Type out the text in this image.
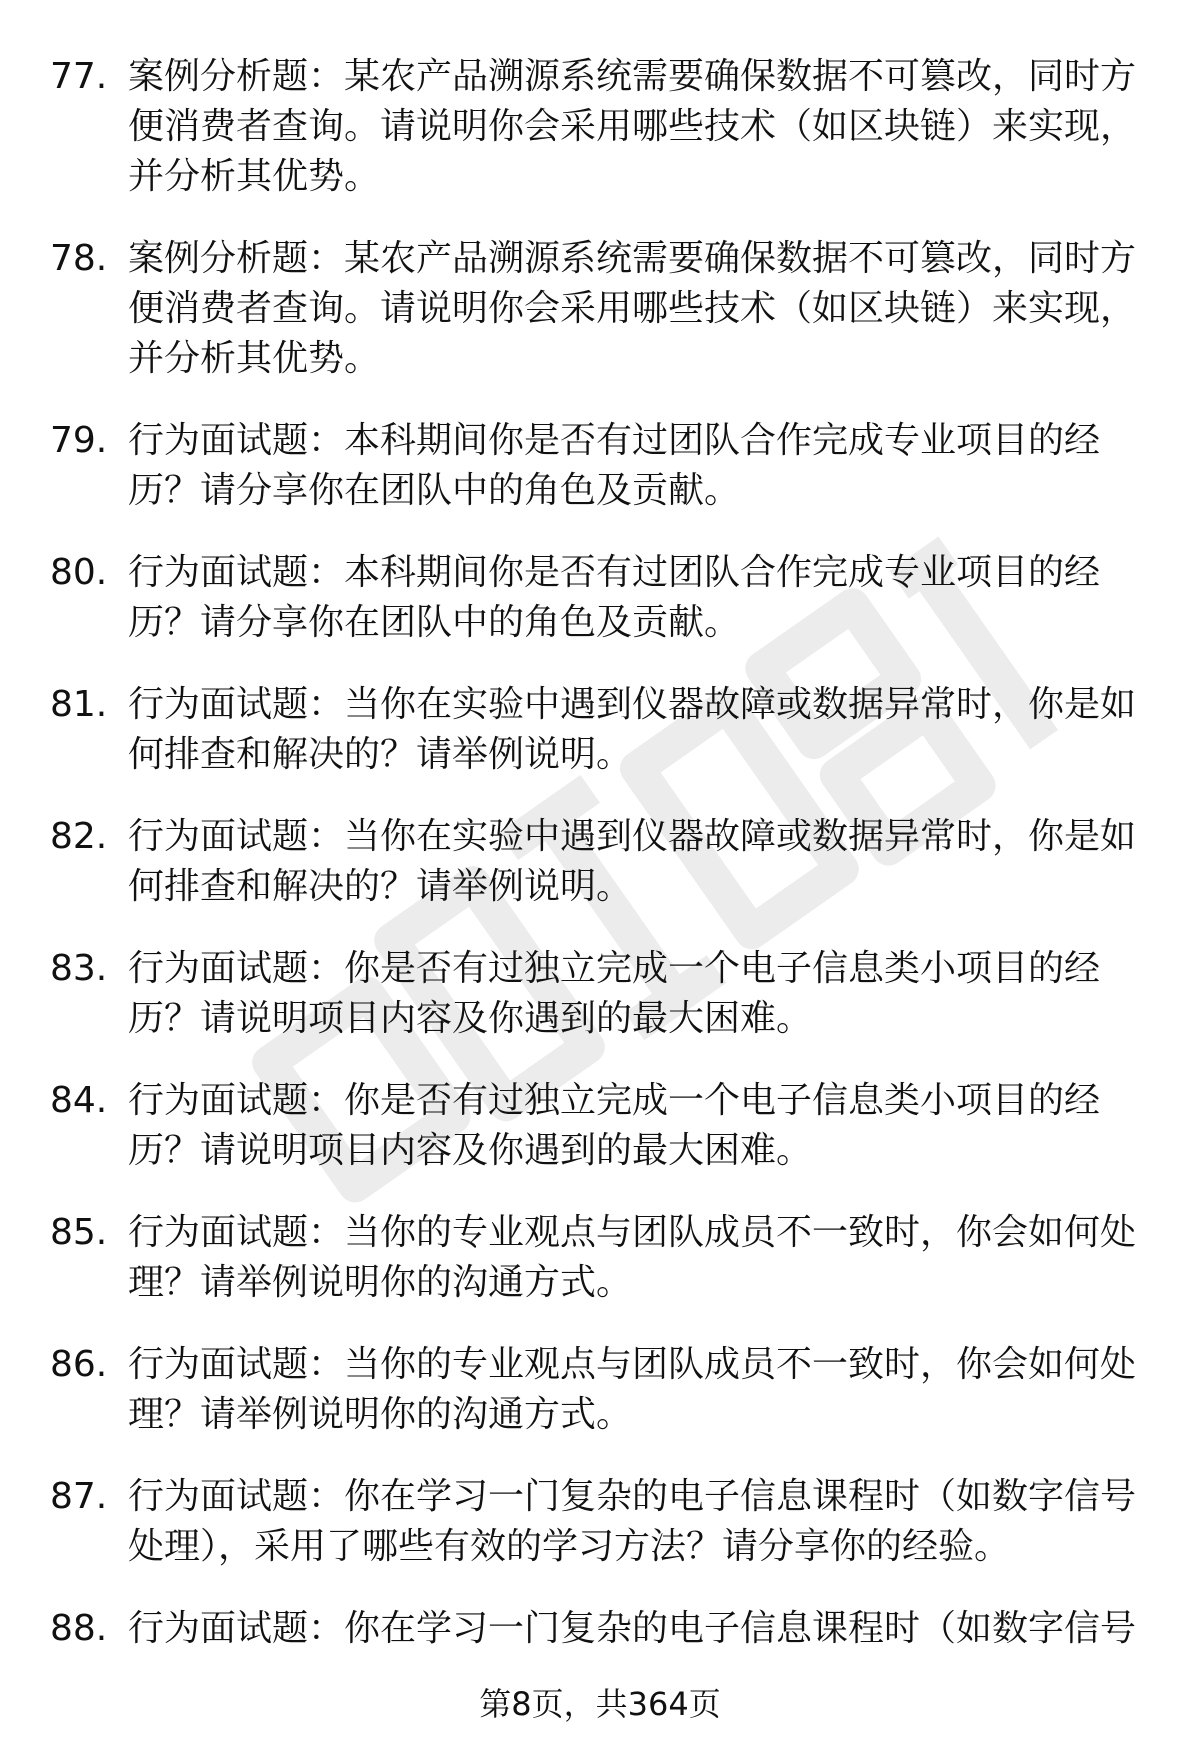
77. 案例分析题：某农产品溯源系统需要确保数据不可篡改，同时方便消费者查询。请说明你会采用哪些技术（如区块链）来实现，并分析其优势。
78. 案例分析题：某农产品溯源系统需要确保数据不可篡改，同时方便消费者查询。请说明你会采用哪些技术（如区块链）来实现，并分析其优势。
79. 行为面试题：本科期间你是否有过团队合作完成专业项目的经历？请分享你在团队中的角色及贡献。
80. 行为面试题：本科期间你是否有过团队合作完成专业项目的经历？请分享你在团队中的角色及贡献。
81. 行为面试题：当你在实验中遇到仪器故障或数据异常时，你是如何排查和解决的？请举例说明。
82. 行为面试题：当你在实验中遇到仪器故障或数据异常时，你是如何排查和解决的？请举例说明。
83. 行为面试题：你是否有过独立完成一个电子信息类小项目的经历？请说明项目内容及你遇到的最大困难。
84. 行为面试题：你是否有过独立完成一个电子信息类小项目的经历？请说明项目内容及你遇到的最大困难。
85. 行为面试题：当你的专业观点与团队成员不一致时，你会如何处理？请举例说明你的沟通方式。
86. 行为面试题：当你的专业观点与团队成员不一致时，你会如何处理？请举例说明你的沟通方式。
87. 行为面试题：你在学习一门复杂的电子信息课程时（如数字信号处理），采用了哪些有效的学习方法？请分享你的经验。
88. 行为面试题：你在学习一门复杂的电子信息课程时（如数字信号
第8页，共364页
